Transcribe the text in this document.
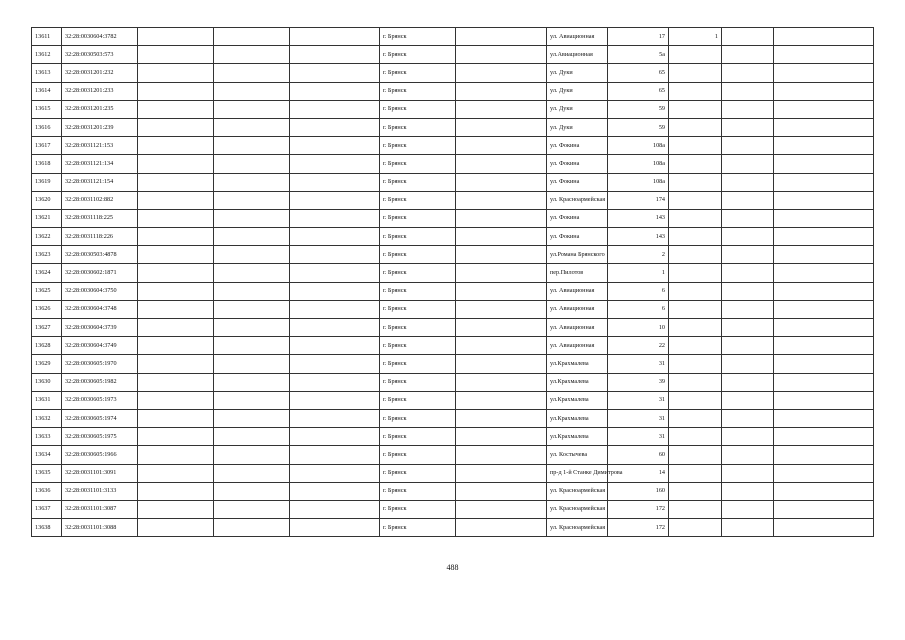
13611	32:28:0030604:3782				г. Брянск		ул. Авиационная	17	1		
13612	32:28:0030503:573				г. Брянск		ул.Авиационная	5а			
13613	32:28:0031201:232				г. Брянск		ул. Дуки	65			
13614	32:28:0031201:233				г. Брянск		ул. Дуки	65			
13615	32:28:0031201:235				г. Брянск		ул. Дуки	59			
13616	32:28:0031201:239				г. Брянск		ул. Дуки	59			
13617	32:28:0031121:153				г. Брянск		ул. Фокина	108а			
13618	32:28:0031121:134				г. Брянск		ул. Фокина	108а			
13619	32:28:0031121:154				г. Брянск		ул. Фокина	108а			
13620	32:28:0031102:882				г. Брянск		ул. Красноармейская	174			
13621	32:28:0031118:225				г. Брянск		ул. Фокина	143			
13622	32:28:0031118:226				г. Брянск		ул. Фокина	143			
13623	32:28:0030503:4878				г. Брянск		ул.Романа Брянского	2			
13624	32:28:0030602:1871				г. Брянск		пер.Пилотов	1			
13625	32:28:0030604:3750				г. Брянск		ул. Авиационная	6			
13626	32:28:0030604:3748				г. Брянск		ул. Авиационная	6			
13627	32:28:0030604:3739				г. Брянск		ул. Авиационная	10			
13628	32:28:0030604:3749				г. Брянск		ул. Авиационная	22			
13629	32:28:0030605:1970				г. Брянск		ул.Крахмалева	31			
13630	32:28:0030605:1982				г. Брянск		ул.Крахмалева	39			
13631	32:28:0030605:1973				г. Брянск		ул.Крахмалева	31			
13632	32:28:0030605:1974				г. Брянск		ул.Крахмалева	31			
13633	32:28:0030605:1975				г. Брянск		ул.Крахмалева	31			
13634	32:28:0030605:1966				г. Брянск		ул. Костычева	60			
13635	32:28:0031101:3091				г. Брянск		пр-д 1-й Станке Димитрова	14			
13636	32:28:0031101:3133				г. Брянск		ул. Красноармейская	160			
13637	32:28:0031101:3087				г. Брянск		ул. Красноармейская	172			
13638	32:28:0031101:3088				г. Брянск		ул. Красноармейская	172			
488
